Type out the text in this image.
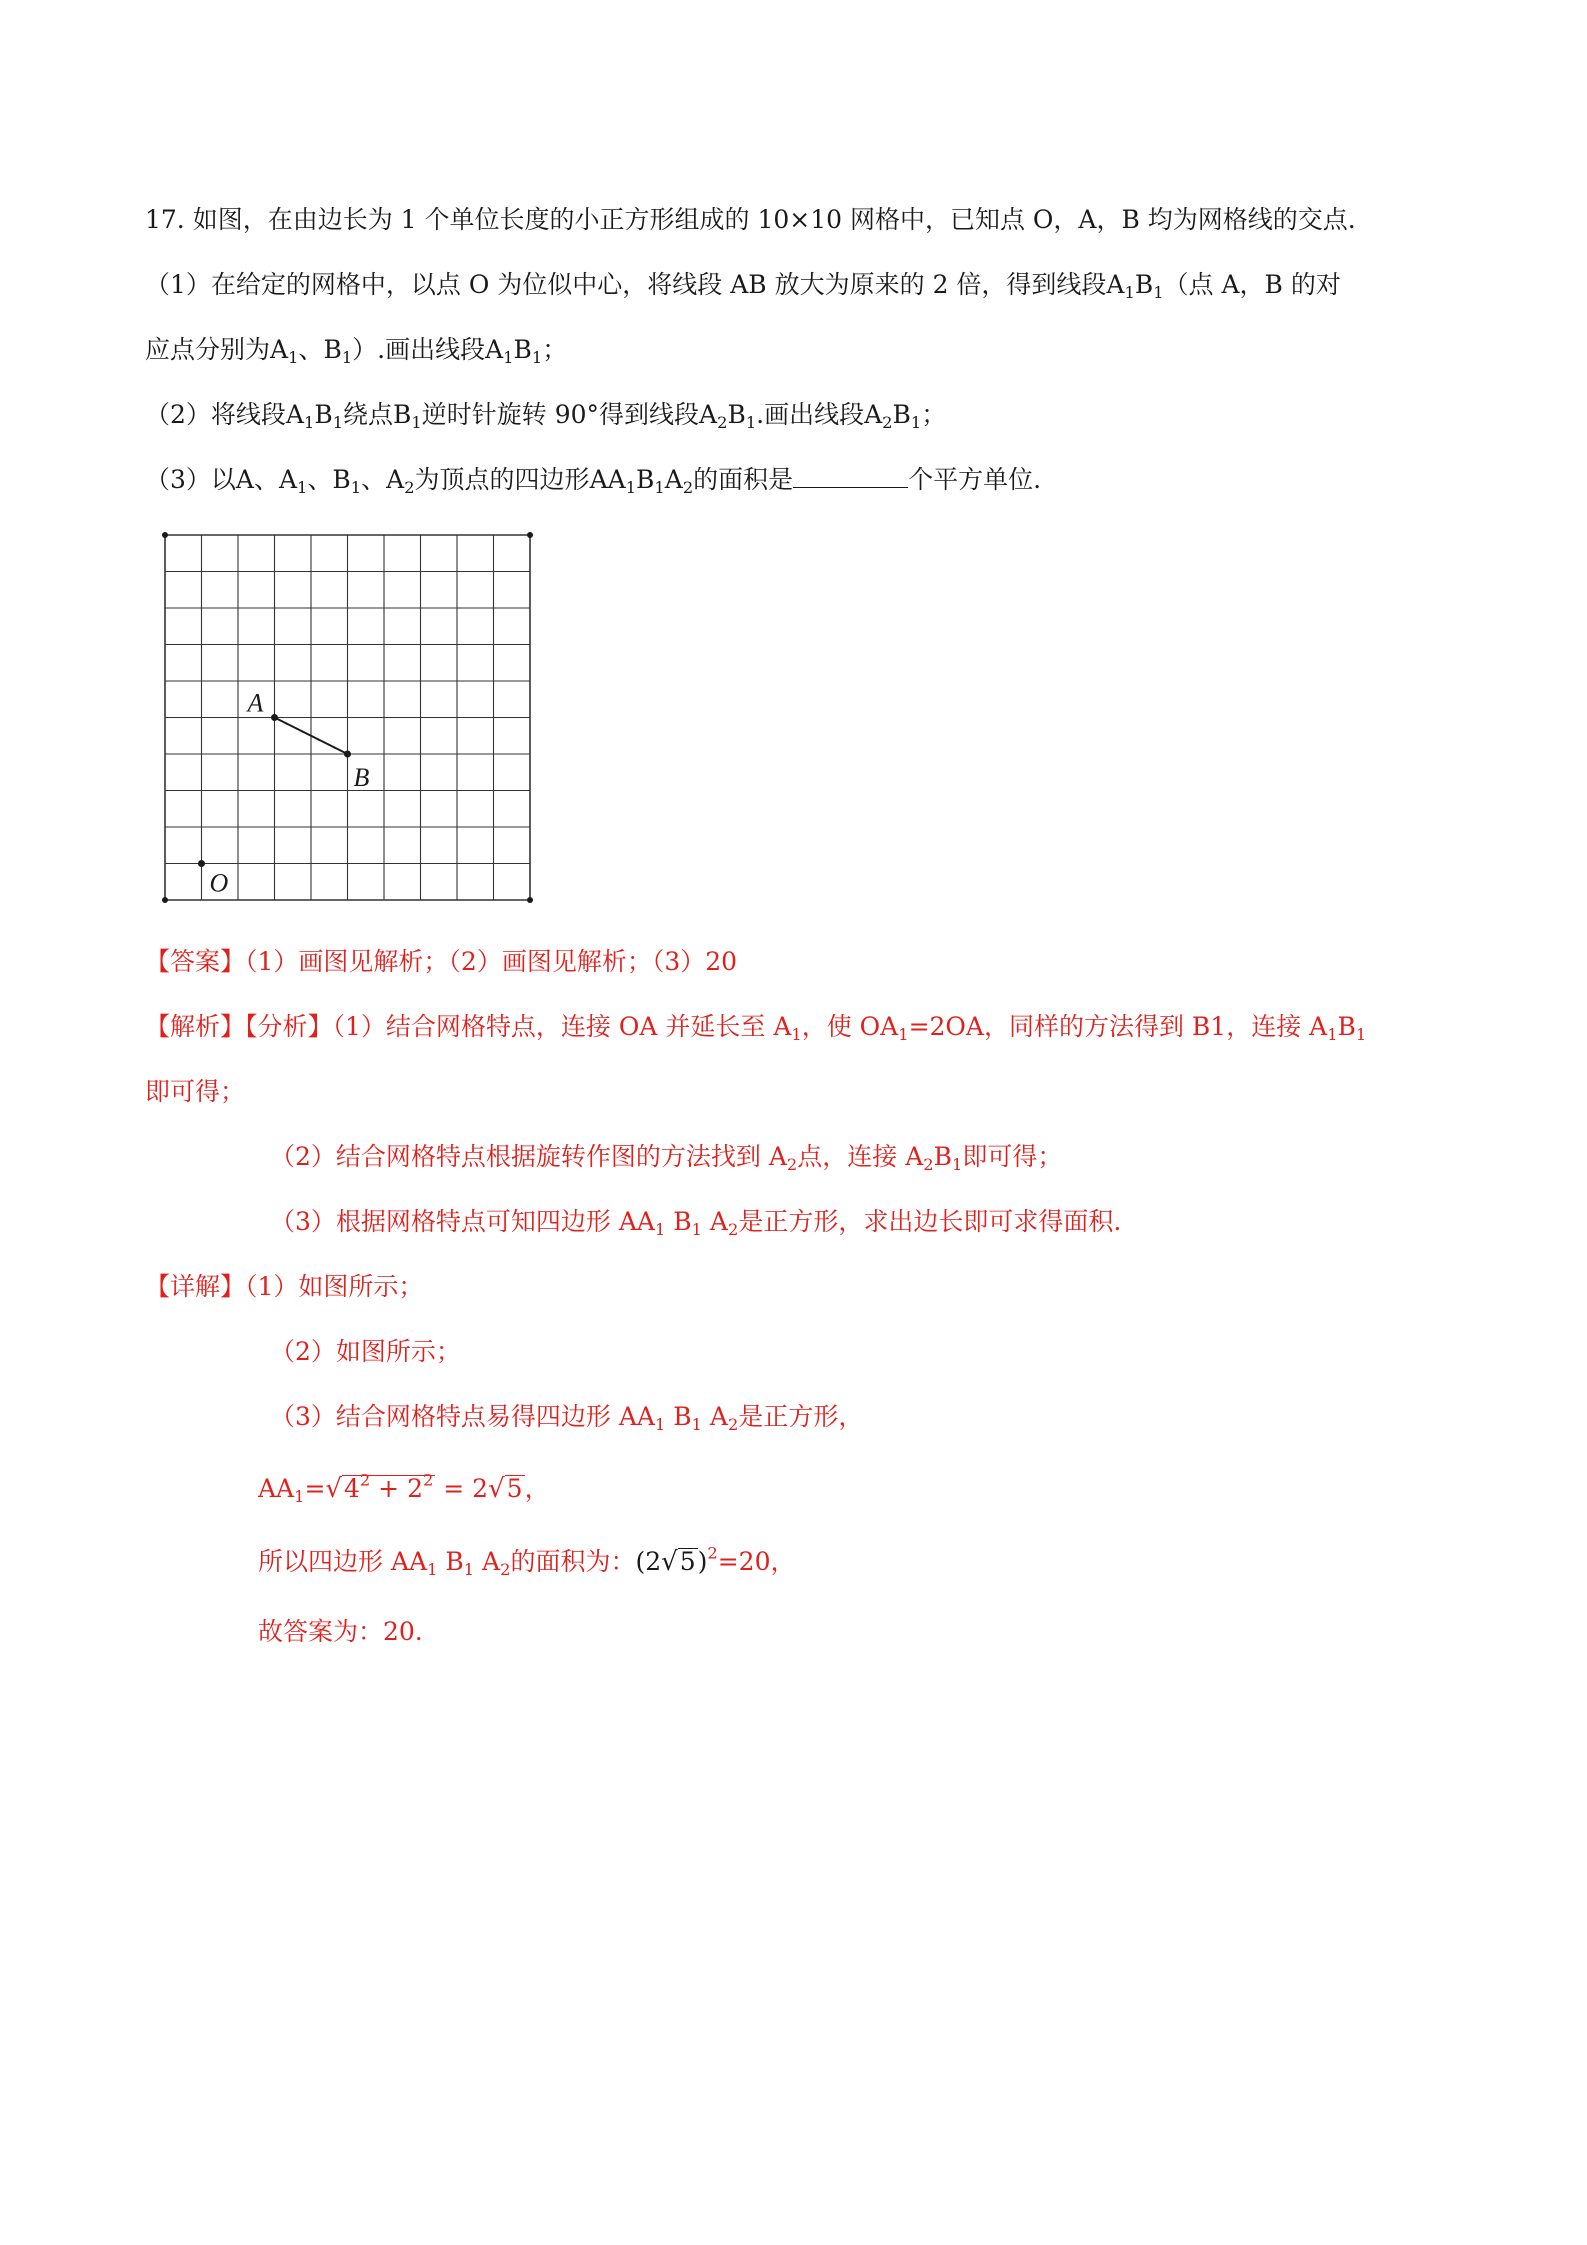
17. 如图，在由边长为 1 个单位长度的小正方形组成的 10×10 网格中，已知点 O，A，B 均为网格线的交点.
（1）在给定的网格中，以点 O 为位似中心，将线段 AB 放大为原来的 2 倍，得到线段$A_1B_1$（点 A，B 的对
应点分别为$A_1$、$B_1$）.画出线段$A_1B_1$；
（2）将线段$A_1B_1$绕点$B_1$逆时针旋转 90°得到线段$A_2B_1$.画出线段$A_2B_1$；
（3）以A、$A_1$、$B_1$、$A_2$为顶点的四边形$AA_1B_1A_2$的面积是	个平方单位.
A
B
O
【答案】（1）画图见解析；（2）画图见解析；（3）20
【解析】【分析】（1）结合网格特点，连接 OA 并延长至 $A_1$，使 $OA_1=2OA$，同样的方法得到 B1，连接 $A_1B_1$
即可得；
（2）结合网格特点根据旋转作图的方法找到 $A_2$点，连接 $A_2B_1$即可得；
（3）根据网格特点可知四边形 $AA_1$ $B_1$ $A_2$是正方形，求出边长即可求得面积.
【详解】（1）如图所示；
（2）如图所示；
（3）结合网格特点易得四边形 $AA_1$ $B_1$ $A_2$是正方形，
$AA_1=√4^2 + 2^2 = 2√5$，
所以四边形 $AA_1$ $B_1$ $A_2$的面积为：$(2√5)^2=20$，
故答案为：20.
